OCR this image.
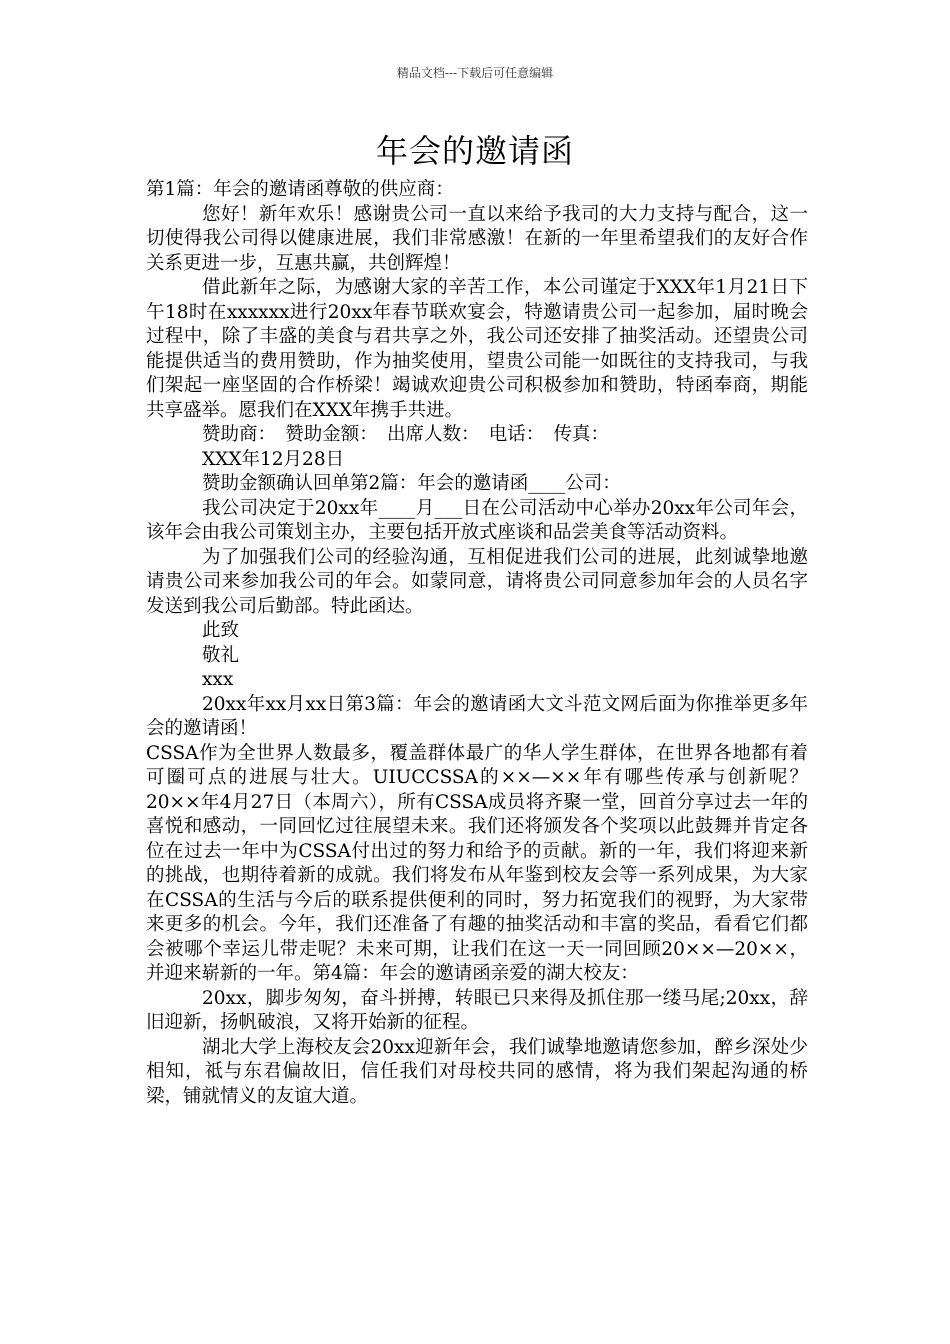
精品文档---下载后可任意编辑
年会的邀请函

第1篇：年会的邀请函尊敬的供应商：

您好！新年欢乐！感谢贵公司一直以来给予我司的大力支持与配合，这一切使得我公司得以健康进展，我们非常感激！在新的一年里希望我们的友好合作关系更进一步，互惠共赢，共创辉煌！

借此新年之际，为感谢大家的辛苦工作，本公司谨定于XXX年1月21日下午18时在xxxxxx进行20xx年春节联欢宴会，特邀请贵公司一起参加，届时晚会过程中，除了丰盛的美食与君共享之外，我公司还安排了抽奖活动。还望贵公司能提供适当的费用赞助，作为抽奖使用，望贵公司能一如既往的支持我司，与我们架起一座坚固的合作桥梁！竭诚欢迎贵公司积极参加和赞助，特函奉商，期能共享盛举。愿我们在XXX年携手共进。

赞助商：　赞助金额：　出席人数：　电话：　传真：

XXX年12月28日

赞助金额确认回单第2篇：年会的邀请函____公司：

我公司决定于20xx年____月___日在公司活动中心举办20xx年公司年会，该年会由我公司策划主办，主要包括开放式座谈和品尝美食等活动资料。

为了加强我们公司的经验沟通，互相促进我们公司的进展，此刻诚挚地邀请贵公司来参加我公司的年会。如蒙同意，请将贵公司同意参加年会的人员名字发送到我公司后勤部。特此函达。

此致

敬礼

xxx

20xx年xx月xx日第3篇：年会的邀请函大文斗范文网后面为你推举更多年会的邀请函！

CSSA作为全世界人数最多，覆盖群体最广的华人学生群体，在世界各地都有着可圈可点的进展与壮大。UIUCCSSA的××—××年有哪些传承与创新呢？20××年4月27日（本周六），所有CSSA成员将齐聚一堂，回首分享过去一年的喜悦和感动，一同回忆过往展望未来。我们还将颁发各个奖项以此鼓舞并肯定各位在过去一年中为CSSA付出过的努力和给予的贡献。新的一年，我们将迎来新的挑战，也期待着新的成就。我们将发布从年鉴到校友会等一系列成果，为大家在CSSA的生活与今后的联系提供便利的同时，努力拓宽我们的视野，为大家带来更多的机会。今年，我们还准备了有趣的抽奖活动和丰富的奖品，看看它们都会被哪个幸运儿带走呢？未来可期，让我们在这一天一同回顾20××—20××，并迎来崭新的一年。第4篇：年会的邀请函亲爱的湖大校友：

20xx，脚步匆匆，奋斗拼搏，转眼已只来得及抓住那一缕马尾;20xx，辞旧迎新，扬帆破浪，又将开始新的征程。

湖北大学上海校友会20xx迎新年会，我们诚挚地邀请您参加，醉乡深处少相知，祗与东君偏故旧，信任我们对母校共同的感情，将为我们架起沟通的桥梁，铺就情义的友谊大道。
